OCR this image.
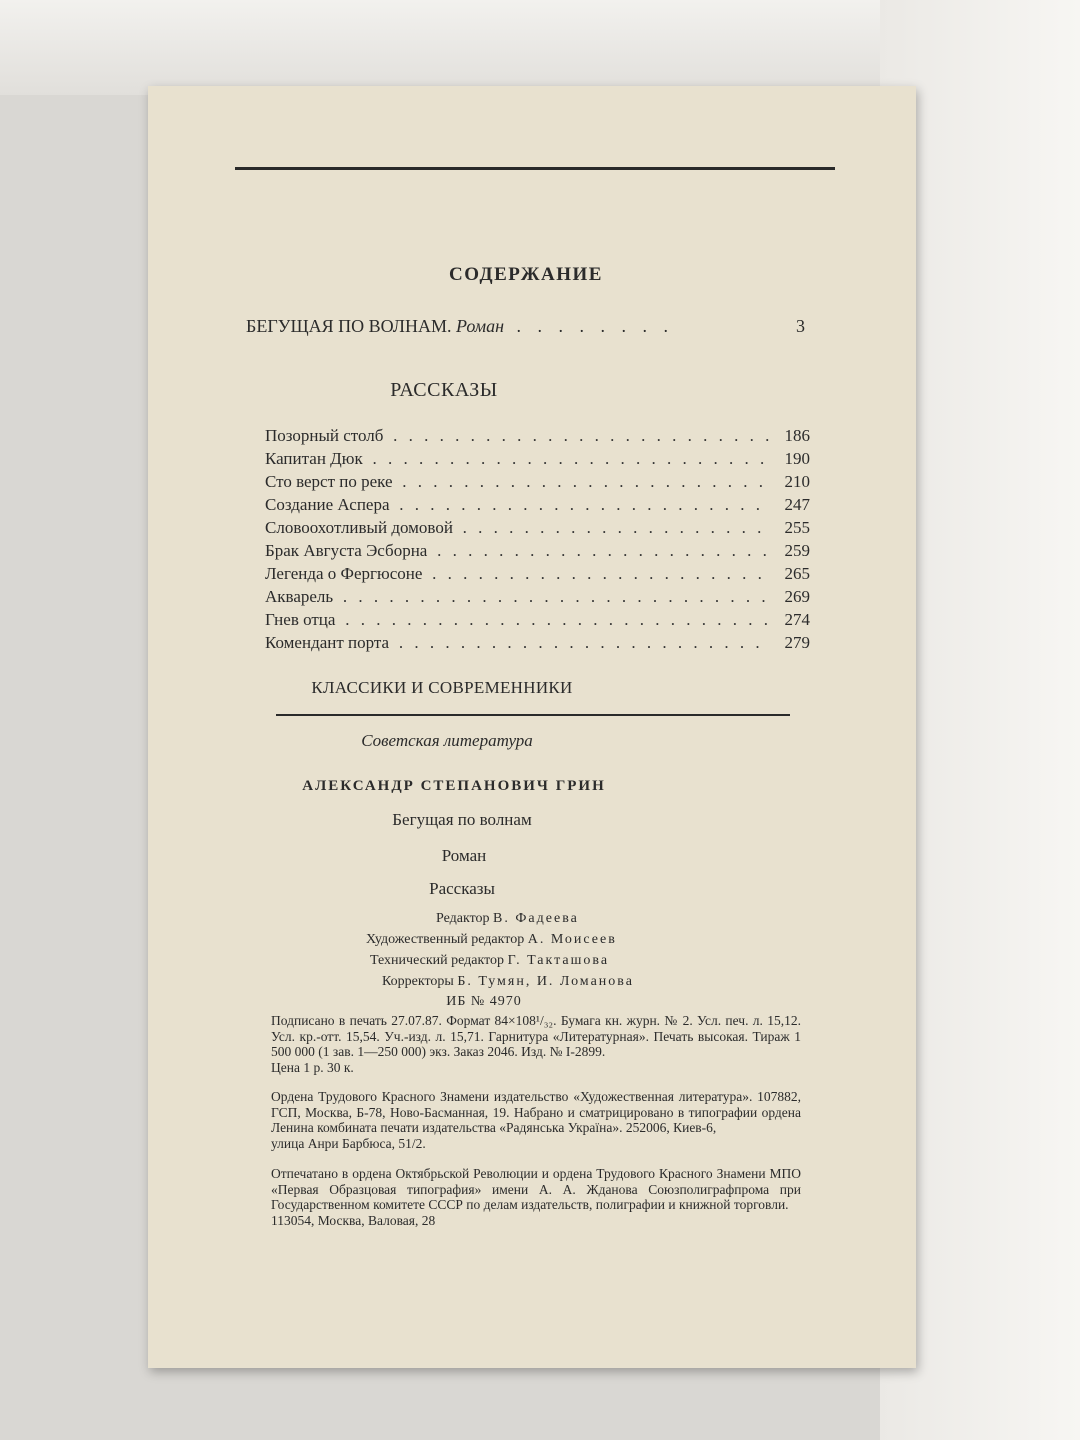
СОДЕРЖАНИЕ
БЕГУЩАЯ ПО ВОЛНАМ. Роман . . . . . . . .	3
РАССКАЗЫ
Позорный столб . . .	186
Капитан Дюк . . .	190
Сто верст по реке . . .	210
Создание Аспера . . .	247
Словоохотливый домовой . . .	255
Брак Августа Эсборна . . .	259
Легенда о Фергюсоне . . .	265
Акварель . . .	269
Гнев отца . . .	274
Комендант порта . . .	279
КЛАССИКИ И СОВРЕМЕННИКИ
Советская литература
АЛЕКСАНДР СТЕПАНОВИЧ ГРИН
Бегущая по волнам
Роман
Рассказы
Редактор В. Фадеева
Художественный редактор А. Моисеев
Технический редактор Г. Такташова
Корректоры Б. Тумян, И. Ломанова
ИБ № 4970

Подписано в печать 27.07.87. Формат 84×108¹/₃₂. Бумага кн. журн. № 2. Усл. печ. л. 15,12. Усл. кр.-отт. 15,54. Уч.-изд. л. 15,71. Гарнитура «Литературная». Печать высокая. Тираж 1 500 000 (1 зав. 1—250 000) экз. Заказ 2046. Изд. № I-2899.

Цена 1 р. 30 к.

Ордена Трудового Красного Знамени издательство «Художественная литература». 107882, ГСП, Москва, Б-78, Ново-Басманная, 19. Набрано и сматрицировано в типографии ордена Ленина комбината печати издательства «Радянська Україна». 252006, Киев-6,

улица Анри Барбюса, 51/2.

Отпечатано в ордена Октябрьской Революции и ордена Трудового Красного Знамени МПО «Первая Образцовая типография» имени А. А. Жданова Союзполиграфпрома при Государственном комитете СССР по делам издательств, полиграфии и книжной торговли.

113054, Москва, Валовая, 28
